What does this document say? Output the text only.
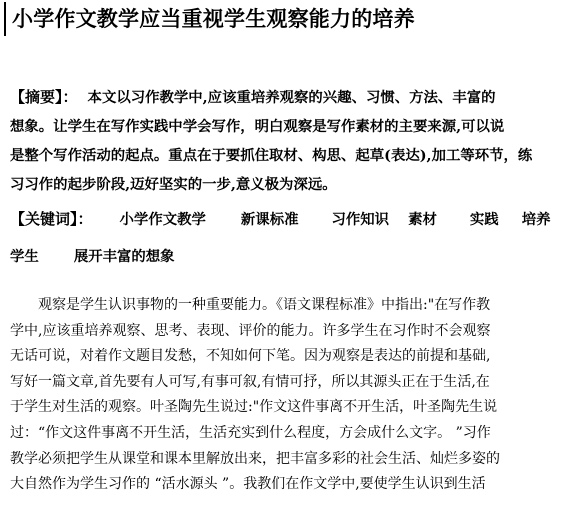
小学作文教学应当重视学生观察能力的培养

【摘要】： 本文以习作教学中,应该重培养观察的兴趣、习惯、方法、丰富的

想象。让学生在写作实践中学会写作，明白观察是写作素材的主要来源,可以说

是整个写作活动的起点。重点在于要抓住取材、构思、起草(表达),加工等环节，练

习习作的起步阶段,迈好坚实的一步,意义极为深远。

【关键词】： 小学作文教学 新课标准 习作知识 素材 实践 培养
学生 展开丰富的想象

　　观察是学生认识事物的一种重要能力。《语文课程标准》中指出:"在写作教

学中,应该重培养观察、思考、表现、评价的能力。许多学生在习作时不会观察

无话可说，对着作文题目发愁，不知如何下笔。因为观察是表达的前提和基础,

写好一篇文章,首先要有人可写,有事可叙,有情可抒，所以其源头正在于生活,在

于学生对生活的观察。叶圣陶先生说过:"作文这件事离不开生活，叶圣陶先生说

过：“作文这件事离不开生活，生活充实到什么程度，方会成什么文字。 ”习作

教学必须把学生从课堂和课本里解放出来，把丰富多彩的社会生活、灿烂多姿的

大自然作为学生习作的 “活水源头 ”。我教们在作文学中,要使学生认识到生活
